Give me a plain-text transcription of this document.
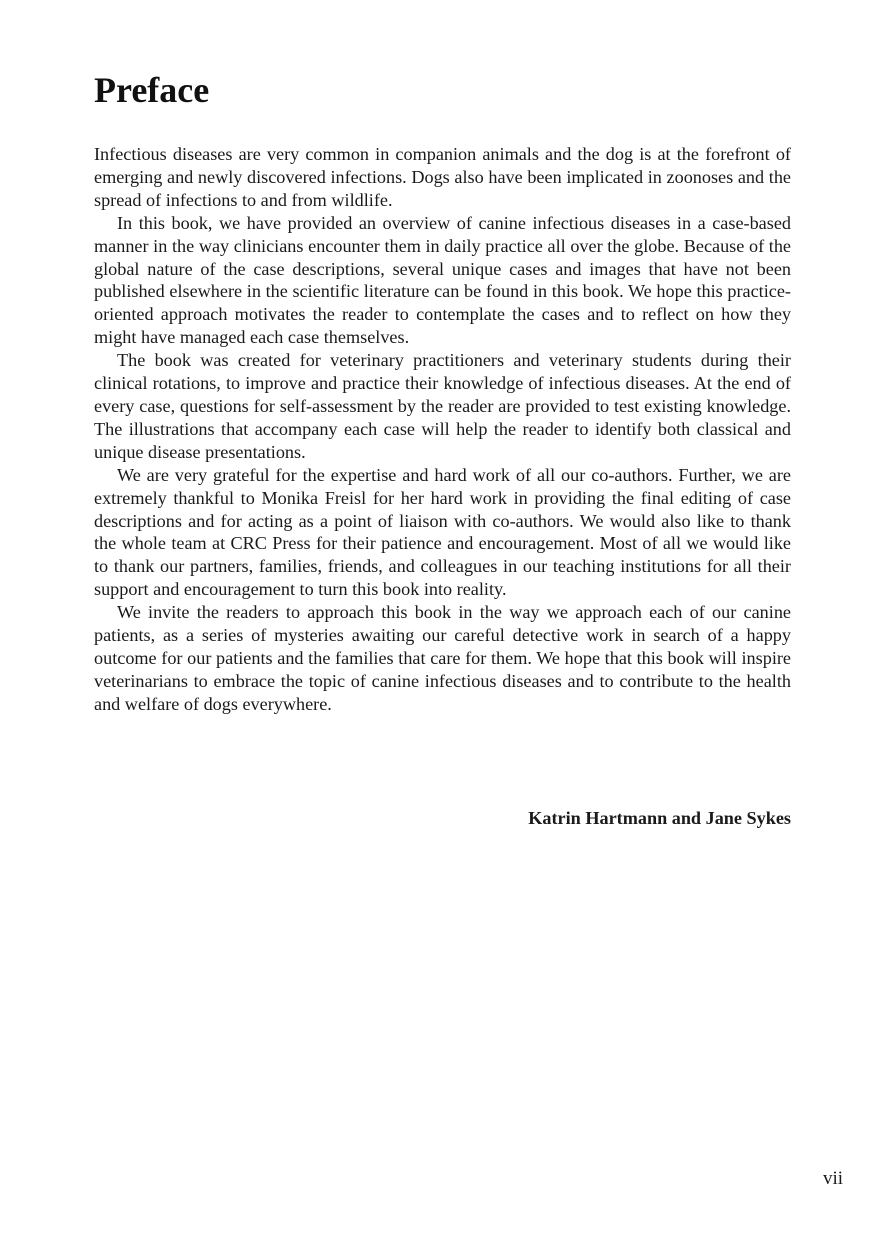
Preface

Infectious diseases are very common in companion animals and the dog is at the forefront of emerging and newly discovered infections. Dogs also have been implicated in zoonoses and the spread of infections to and from wildlife.

In this book, we have provided an overview of canine infectious diseases in a case-based manner in the way clinicians encounter them in daily practice all over the globe. Because of the global nature of the case descriptions, several unique cases and images that have not been published elsewhere in the scientific literature can be found in this book. We hope this practice-oriented approach motivates the reader to contemplate the cases and to reflect on how they might have managed each case themselves.

The book was created for veterinary practitioners and veterinary students during their clinical rotations, to improve and practice their knowledge of infectious diseases. At the end of every case, questions for self-assessment by the reader are provided to test existing knowledge. The illustrations that accompany each case will help the reader to identify both classical and unique disease presentations.

We are very grateful for the expertise and hard work of all our co-authors. Further, we are extremely thankful to Monika Freisl for her hard work in providing the final editing of case descriptions and for acting as a point of liaison with co-authors. We would also like to thank the whole team at CRC Press for their patience and encouragement. Most of all we would like to thank our partners, families, friends, and colleagues in our teaching institutions for all their support and encouragement to turn this book into reality.

We invite the readers to approach this book in the way we approach each of our canine patients, as a series of mysteries awaiting our careful detective work in search of a happy outcome for our patients and the families that care for them. We hope that this book will inspire veterinarians to embrace the topic of canine infectious diseases and to contribute to the health and welfare of dogs everywhere.

Katrin Hartmann and Jane Sykes

vii
